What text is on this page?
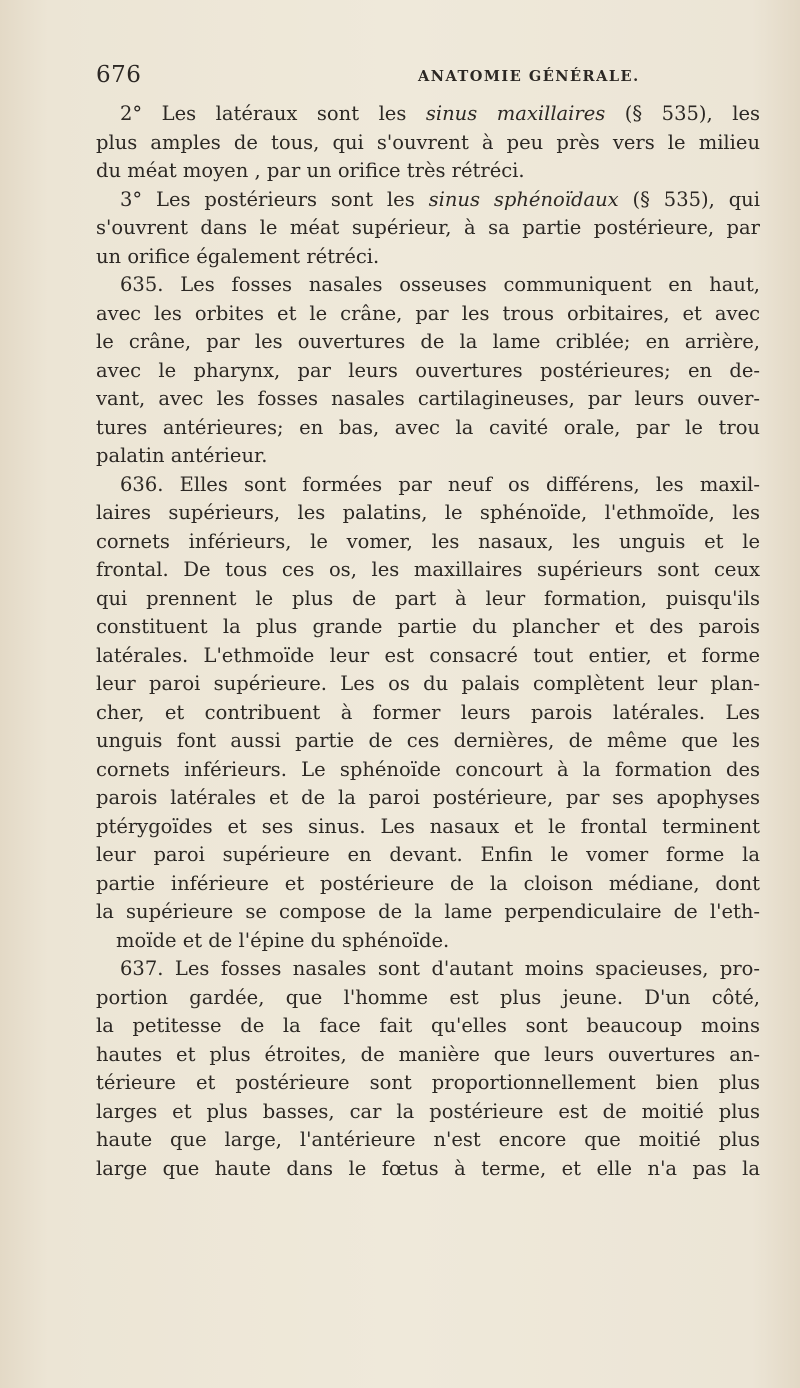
676	ANATOMIE GÉNÉRALE.
2° Les latéraux sont les sinus maxillaires (§ 535), les
plus amples de tous, qui s'ouvrent à peu près vers le milieu
du méat moyen , par un orifice très rétréci.
3° Les postérieurs sont les sinus sphénoïdaux (§ 535), qui
s'ouvrent dans le méat supérieur, à sa partie postérieure, par
un orifice également rétréci.
635. Les fosses nasales osseuses communiquent en haut,
avec les orbites et le crâne, par les trous orbitaires, et avec
le crâne, par les ouvertures de la lame criblée; en arrière,
avec le pharynx, par leurs ouvertures postérieures; en de-
vant, avec les fosses nasales cartilagineuses, par leurs ouver-
tures antérieures; en bas, avec la cavité orale, par le trou
palatin antérieur.
636. Elles sont formées par neuf os différens, les maxil-
laires supérieurs, les palatins, le sphénoïde, l'ethmoïde, les
cornets inférieurs, le vomer, les nasaux, les unguis et le
frontal. De tous ces os, les maxillaires supérieurs sont ceux
qui prennent le plus de part à leur formation, puisqu'ils
constituent la plus grande partie du plancher et des parois
latérales. L'ethmoïde leur est consacré tout entier, et forme
leur paroi supérieure. Les os du palais complètent leur plan-
cher, et contribuent à former leurs parois latérales. Les
unguis font aussi partie de ces dernières, de même que les
cornets inférieurs. Le sphénoïde concourt à la formation des
parois latérales et de la paroi postérieure, par ses apophyses
ptérygoïdes et ses sinus. Les nasaux et le frontal terminent
leur paroi supérieure en devant. Enfin le vomer forme la
partie inférieure et postérieure de la cloison médiane, dont
la supérieure se compose de la lame perpendiculaire de l'eth-
moïde et de l'épine du sphénoïde.
637. Les fosses nasales sont d'autant moins spacieuses, pro-
portion gardée, que l'homme est plus jeune. D'un côté,
la petitesse de la face fait qu'elles sont beaucoup moins
hautes et plus étroites, de manière que leurs ouvertures an-
térieure et postérieure sont proportionnellement bien plus
larges et plus basses, car la postérieure est de moitié plus
haute que large, l'antérieure n'est encore que moitié plus
large que haute dans le fœtus à terme, et elle n'a pas la
